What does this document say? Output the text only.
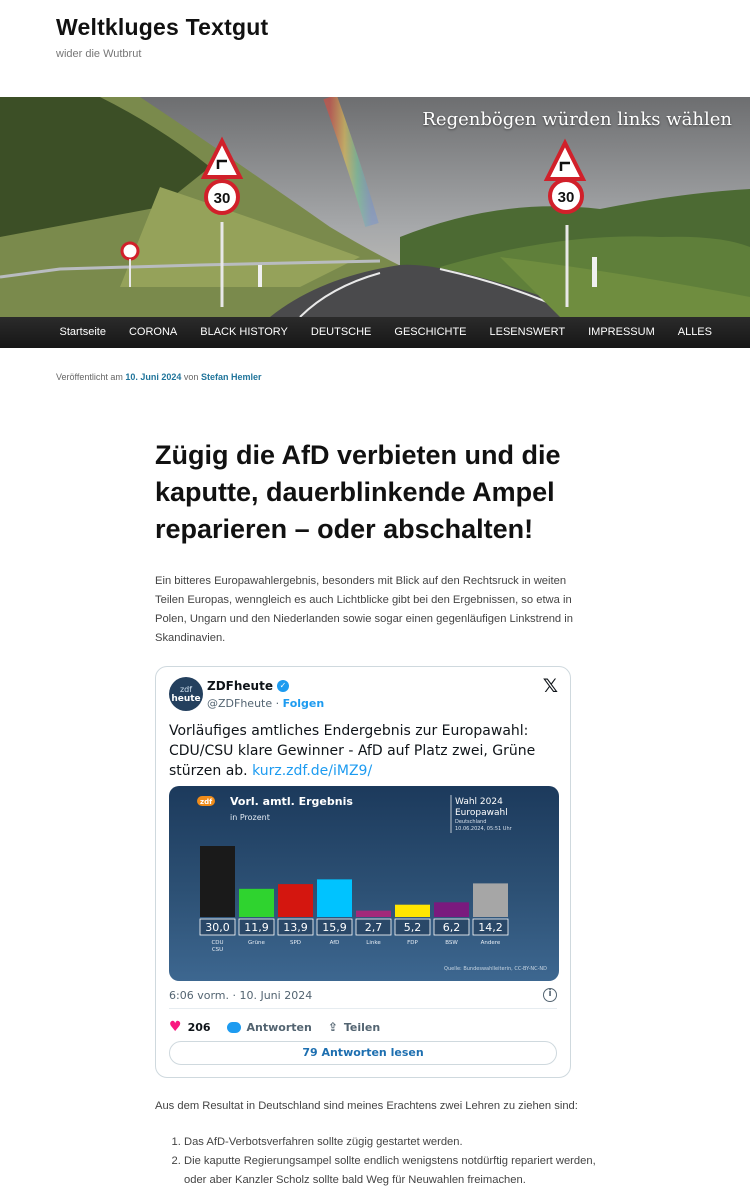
Weltkluges Textgut
wider die Wutbrut
30	30
Regenbögen würden links wählen
Startseite	CORONA	BLACK HISTORY	DEUTSCHE	GESCHICHTE	LESENSWERT	IMPRESSUM	ALLES
Veröffentlicht am 10. Juni 2024 von Stefan Hemler
Zügig die AfD verbieten und die kaputte, dauerblinkende Ampel reparieren – oder abschalten!

Ein bitteres Europawahlergebnis, besonders mit Blick auf den Rechtsruck in weiten Teilen Europas, wenngleich es auch Lichtblicke gibt bei den Ergebnissen, so etwa in Polen, Ungarn und den Niederlanden sowie sogar einen gegenläufigen Linkstrend in Skandinavien.

zdf
heute
ZDFheute ✓
@ZDFheute · Folgen
𝕏
Vorläufiges amtliches Endergebnis zur Europawahl: CDU/CSU klare Gewinner - AfD auf Platz zwei, Grüne stürzen ab. kurz.zdf.de/iMZ9/
zdf Vorl. amtl. Ergebnis
in Prozent
Wahl 2024
Europawahl
Deutschland
10.06.2024, 05:51 Uhr
30,0
CDU
CSU
11,9
Grüne
13,9
SPD
15,9
AfD
2,7
Linke
5,2
FDP
6,2
BSW
14,2
Andere
Quelle: Bundeswahlleiterin, CC-BY-NC-ND
6:06 vorm. · 10. Juni 2024	i
♥ 206	Antworten ⇪ Teilen
79 Antworten lesen

Aus dem Resultat in Deutschland sind meines Erachtens zwei Lehren zu ziehen sind:

1. Das AfD-Verbotsverfahren sollte zügig gestartet werden.
2. Die kaputte Regierungsampel sollte endlich wenigstens notdürftig repariert werden, oder aber Kanzler Scholz sollte bald Weg für Neuwahlen freimachen.
